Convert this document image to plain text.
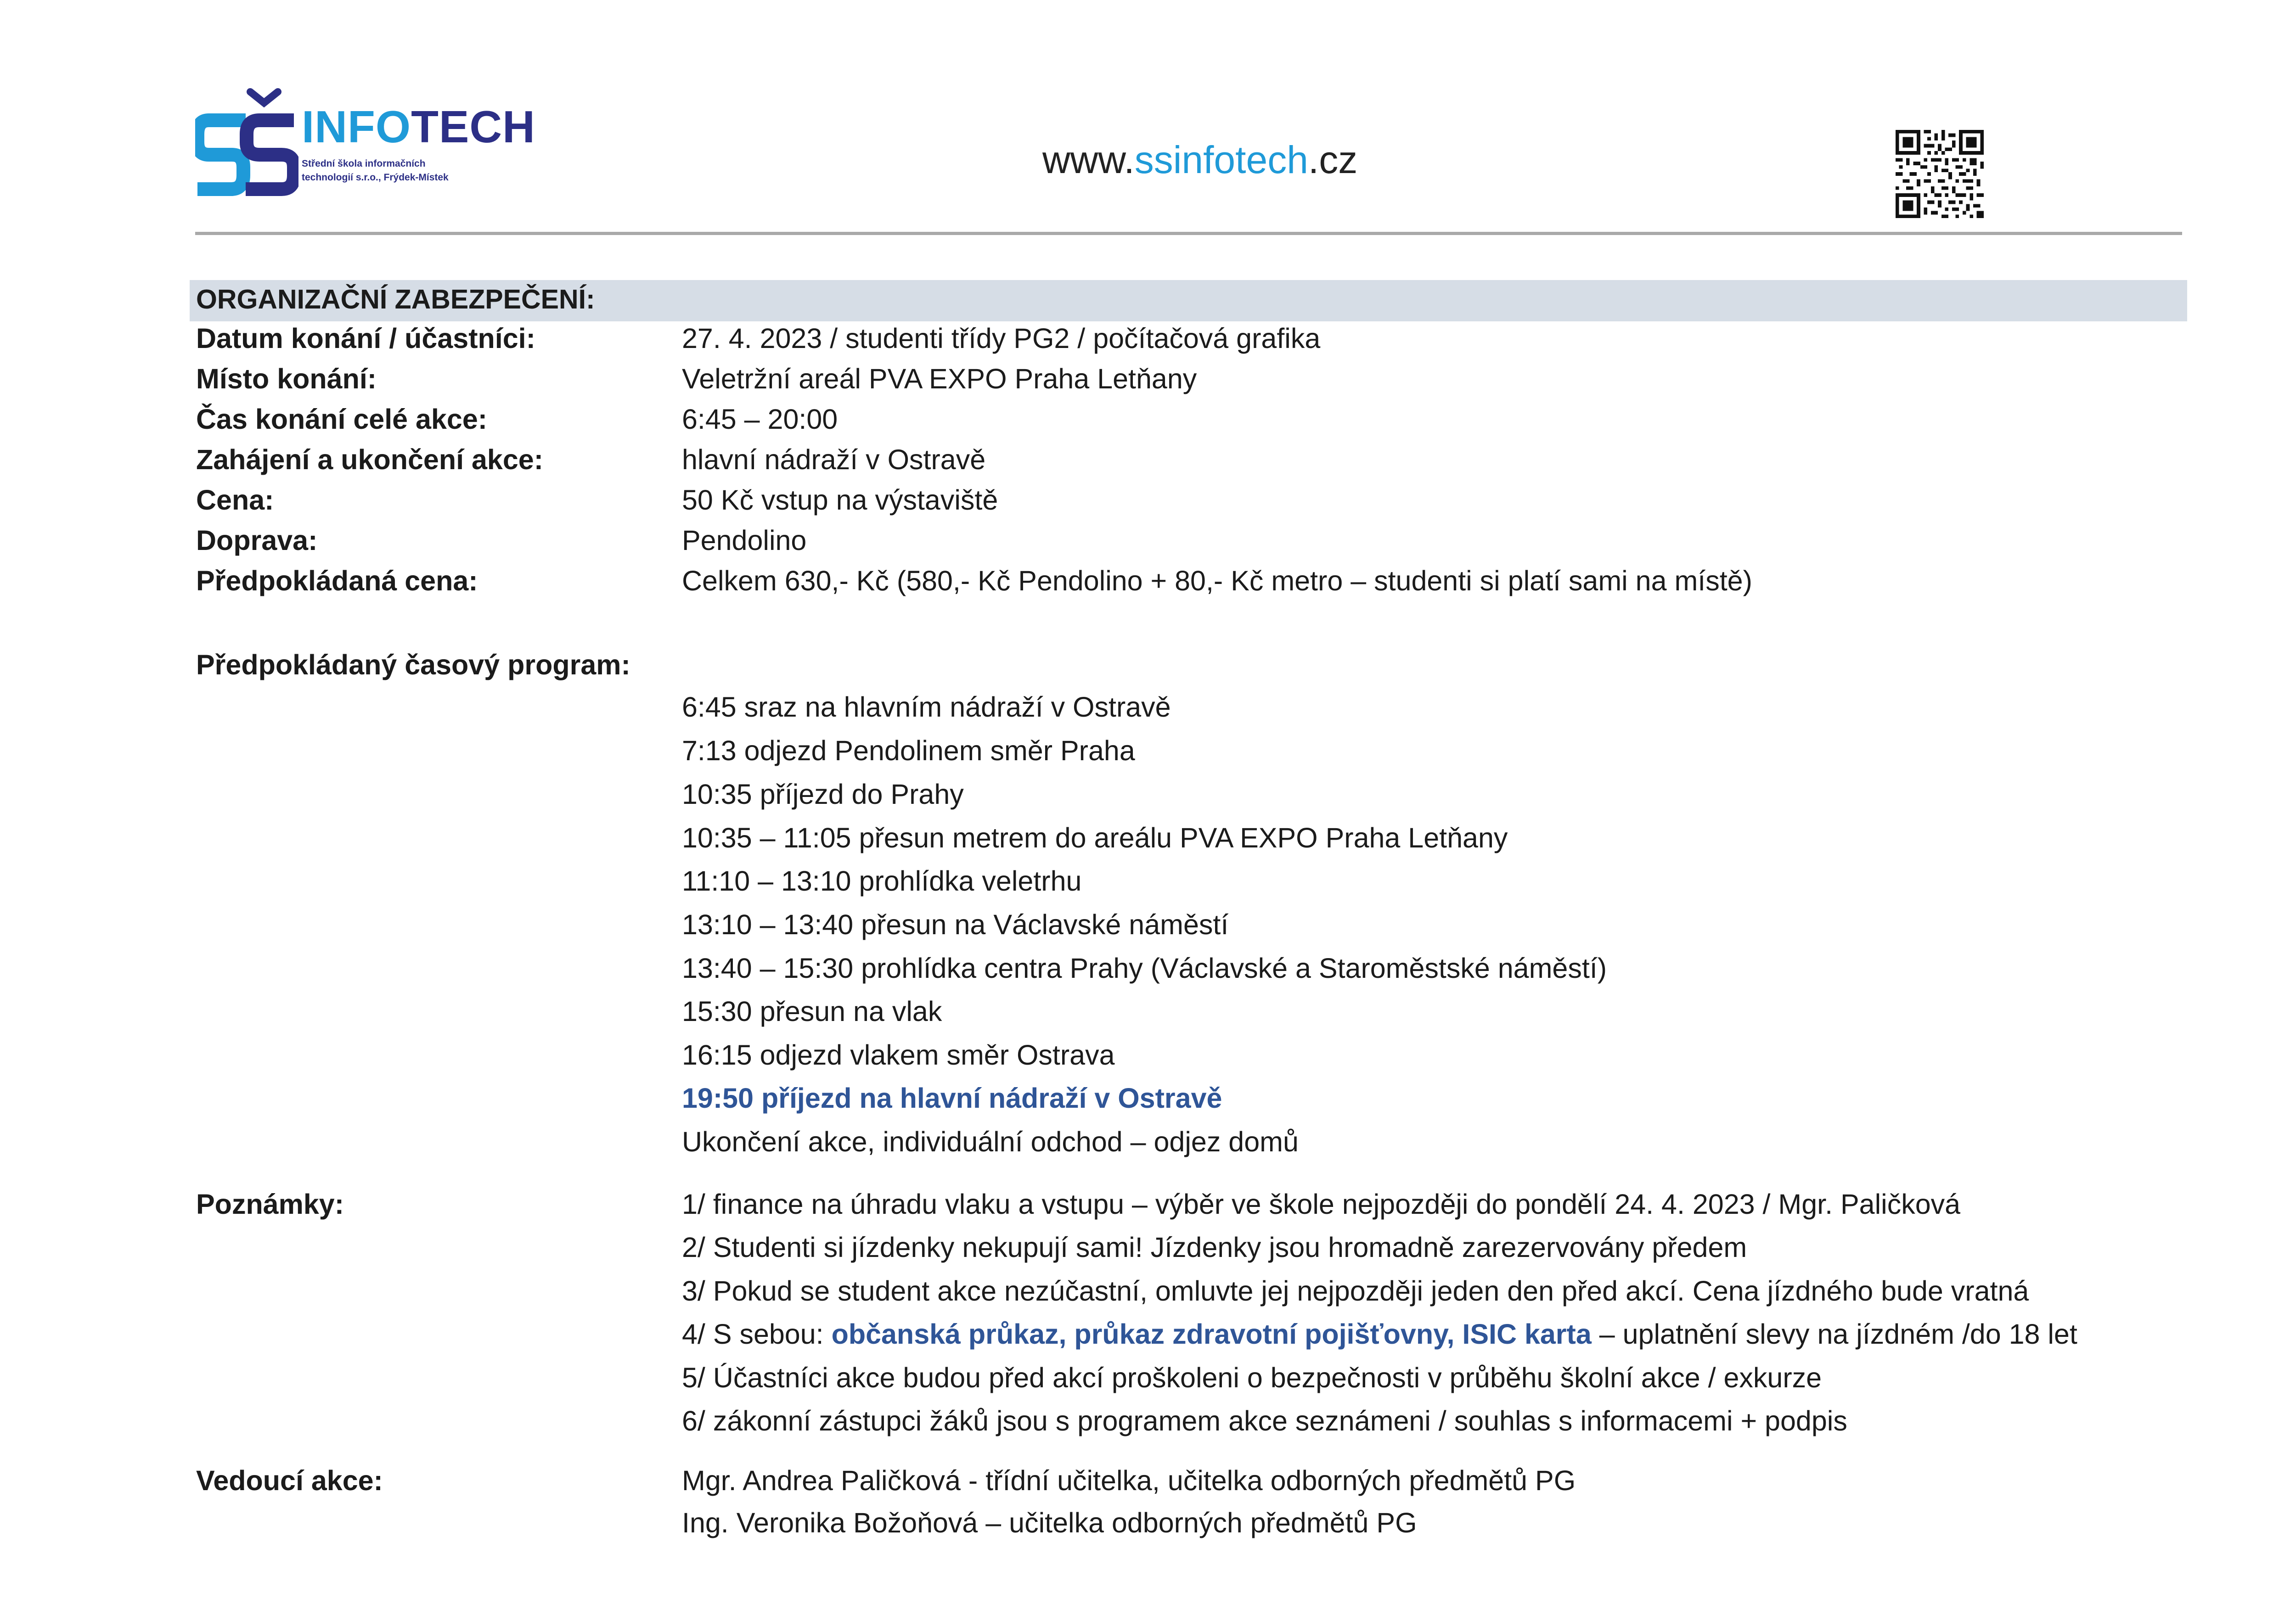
INFOTECH
Střední škola informačních
technologií s.r.o., Frýdek-Místek	www.ssinfotech.cz
ORGANIZAČNÍ ZABEZPEČENÍ:
Datum konání / účastníci:	27. 4. 2023 / studenti třídy PG2 / počítačová grafika
Místo konání:	Veletržní areál PVA EXPO Praha Letňany
Čas konání celé akce:	6:45 – 20:00
Zahájení a ukončení akce:	hlavní nádraží v Ostravě
Cena:	50 Kč vstup na výstaviště
Doprava:	Pendolino
Předpokládaná cena:	Celkem 630,- Kč (580,- Kč Pendolino + 80,- Kč metro – studenti si platí sami na místě)
Předpokládaný časový program:
6:45 sraz na hlavním nádraží v Ostravě
7:13 odjezd Pendolinem směr Praha
10:35 příjezd do Prahy
10:35 – 11:05 přesun metrem do areálu PVA EXPO Praha Letňany
11:10 – 13:10 prohlídka veletrhu
13:10 – 13:40 přesun na Václavské náměstí
13:40 – 15:30 prohlídka centra Prahy (Václavské a Staroměstské náměstí)
15:30 přesun na vlak
16:15 odjezd vlakem směr Ostrava
19:50 příjezd na hlavní nádraží v Ostravě
Ukončení akce, individuální odchod – odjez domů
Poznámky:	1/ finance na úhradu vlaku a vstupu – výběr ve škole nejpozději do pondělí 24. 4. 2023 / Mgr. Paličková
2/ Studenti si jízdenky nekupují sami! Jízdenky jsou hromadně zarezervovány předem
3/ Pokud se student akce nezúčastní, omluvte jej nejpozději jeden den před akcí. Cena jízdného bude vratná
4/ S sebou: občanská průkaz, průkaz zdravotní pojišťovny, ISIC karta – uplatnění slevy na jízdném /do 18 let
5/ Účastníci akce budou před akcí proškoleni o bezpečnosti v průběhu školní akce / exkurze
6/ zákonní zástupci žáků jsou s programem akce seznámeni / souhlas s informacemi + podpis
Vedoucí akce:	Mgr. Andrea Paličková - třídní učitelka, učitelka odborných předmětů PG
Ing. Veronika Božoňová – učitelka odborných předmětů PG
